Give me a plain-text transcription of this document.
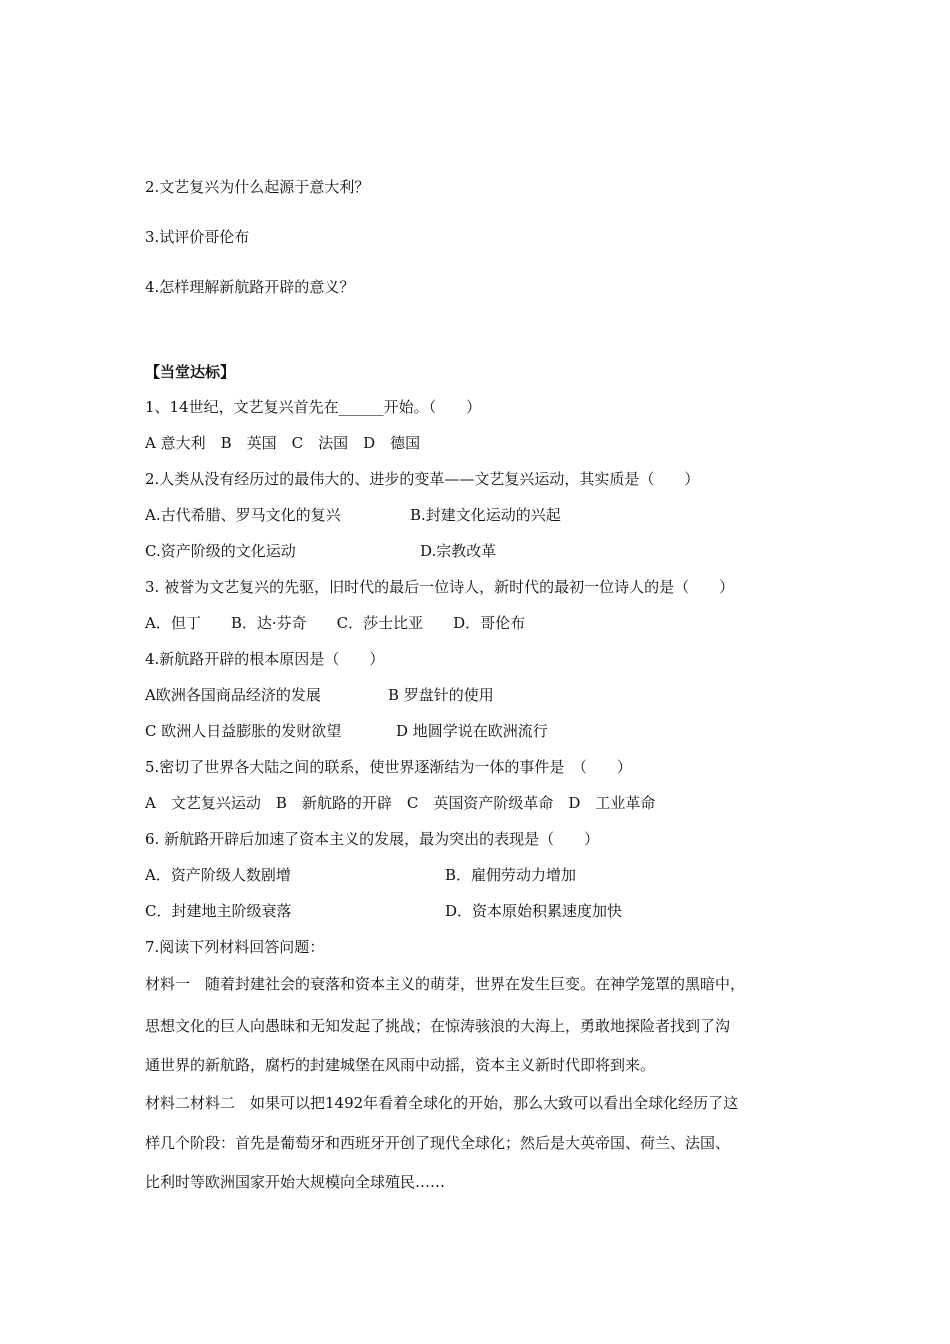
2.文艺复兴为什么起源于意大利？
3.试评价哥伦布
4.怎样理解新航路开辟的意义？
【当堂达标】
1、14世纪，文艺复兴首先在______开始。（　　）
A 意大利　B　英国　C　法国　D　德国
2.人类从没有经历过的最伟大的、进步的变革——文艺复兴运动，其实质是（　　）
A.古代希腊、罗马文化的复兴	B.封建文化运动的兴起
C.资产阶级的文化运动	D.宗教改革
3. 被誉为文艺复兴的先驱，旧时代的最后一位诗人，新时代的最初一位诗人的是（　　）
A．但丁　　B．达·芬奇　　C．莎士比亚　　D．哥伦布
4.新航路开辟的根本原因是（　　）
A欧洲各国商品经济的发展	B 罗盘针的使用
C 欧洲人日益膨胀的发财欲望	D 地圆学说在欧洲流行
5.密切了世界各大陆之间的联系，使世界逐渐结为一体的事件是　（　　）
A　文艺复兴运动　B　新航路的开辟　C　英国资产阶级革命　D　工业革命
6. 新航路开辟后加速了资本主义的发展，最为突出的表现是（　　）
A．资产阶级人数剧增	B．雇佣劳动力增加
C．封建地主阶级衰落	D．资本原始积累速度加快
7.阅读下列材料回答问题：
材料一　随着封建社会的衰落和资本主义的萌芽，世界在发生巨变。在神学笼罩的黑暗中，
思想文化的巨人向愚昧和无知发起了挑战；在惊涛骇浪的大海上，勇敢地探险者找到了沟
通世界的新航路，腐朽的封建城堡在风雨中动摇，资本主义新时代即将到来。
材料二材料二　如果可以把1492年看着全球化的开始，那么大致可以看出全球化经历了这
样几个阶段：首先是葡萄牙和西班牙开创了现代全球化；然后是大英帝国、荷兰、法国、
比利时等欧洲国家开始大规模向全球殖民……
